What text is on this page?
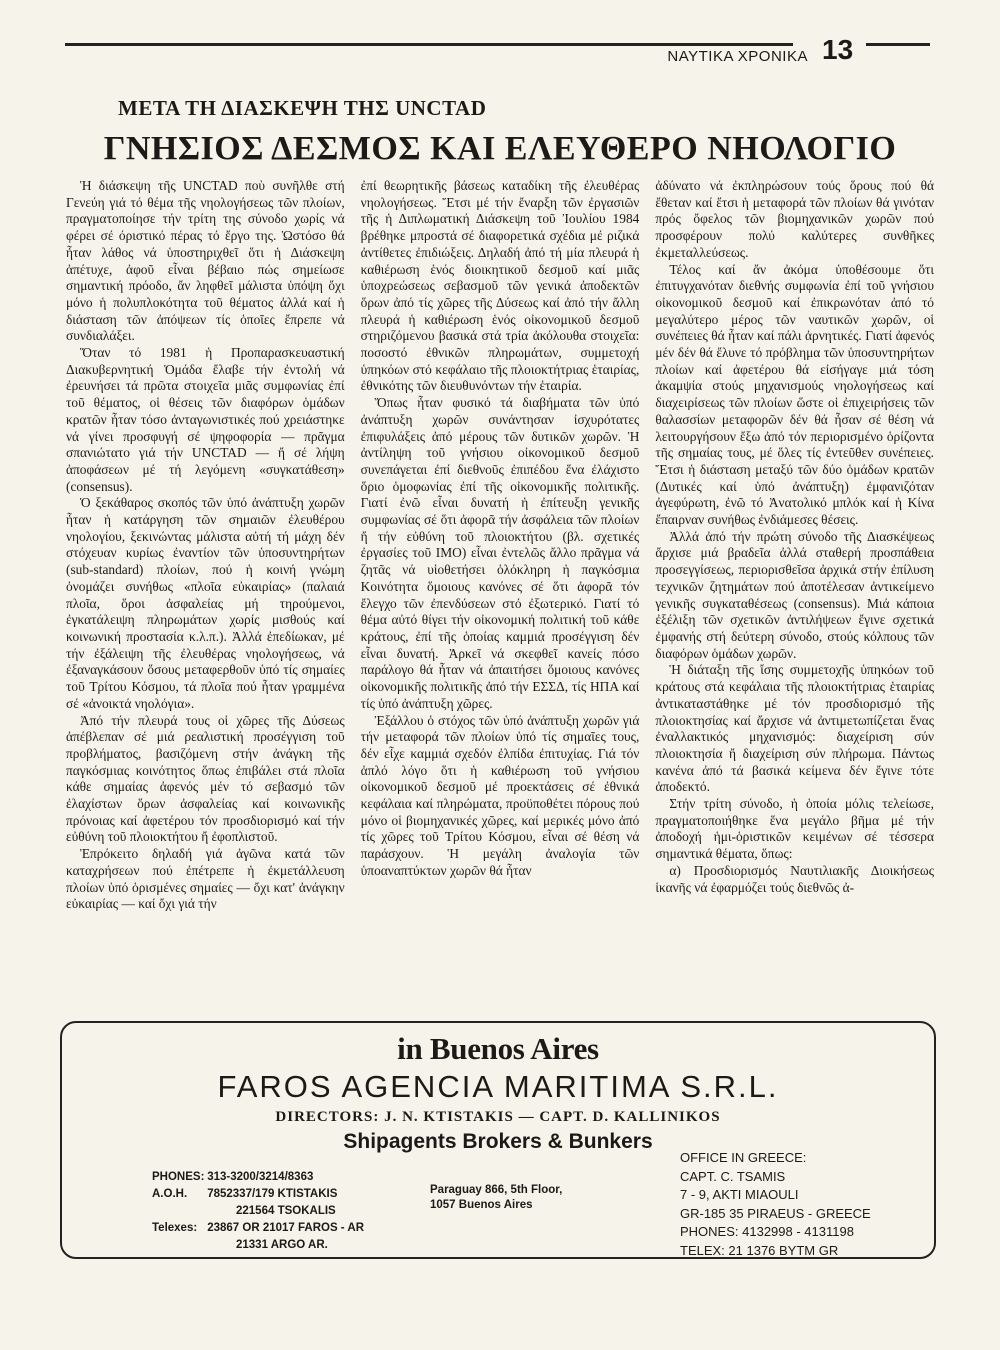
ΝΑΥΤΙΚΑ ΧΡΟΝΙΚΑ 13
ΜΕΤΑ ΤΗ ΔΙΑΣΚΕΨΗ ΤΗΣ UNCTAD
ΓΝΗΣΙΟΣ ΔΕΣΜΟΣ ΚΑΙ ΕΛΕΥΘΕΡΟ ΝΗΟΛΟΓΙΟ

Ἡ διάσκεψη τῆς UNCTAD ποὺ συνῆλθε στή Γενεύη γιά τό θέμα τῆς νηολογήσεως τῶν πλοίων, πραγματοποίησε τήν τρίτη της σύνοδο χωρίς νά φέρει σέ όριστικό πέρας τό ἔργο της. Ὡστόσο θά ἦταν λάθος νά ὑποστηριχθεῖ ὅτι ἡ Διάσκεψη ἀπέτυχε, ἀφοῦ εἶναι βέβαιο πώς σημείωσε σημαντική πρόοδο, ἄν ληφθεῖ μάλιστα ὑπόψη ὄχι μόνο ἡ πολυπλοκότητα τοῦ θέματος ἀλλά καί ἡ διάσταση τῶν ἀπόψεων τίς ὁποῖες ἔπρεπε νά συνδιαλάξει.

Ὅταν τό 1981 ἡ Προπαρασκευαστική Διακυβερνητική Ὁμάδα ἔλαβε τήν ἐντολή νά ἐρευνήσει τά πρῶτα στοιχεῖα μιᾶς συμφωνίας ἐπί τοῦ θέματος, οἱ θέσεις τῶν διαφόρων ὁμάδων κρατῶν ἦταν τόσο ἀνταγωνιστικές πού χρειάστηκε νά γίνει προσφυγή σέ ψηφοφορία — πρᾶγμα σπανιώτατο γιά τήν UNCTAD — ἤ σέ λήψη ἀποφάσεων μέ τή λεγόμενη «συγκατάθεση» (consensus).

Ὁ ξεκάθαρος σκοπός τῶν ὑπό ἀνάπτυξη χωρῶν ἦταν ἡ κατάργηση τῶν σημαιῶν ἐλευθέρου νηολογίου, ξεκινώντας μάλιστα αὐτή τή μάχη δέν στόχευαν κυρίως ἐναντίον τῶν ὑποσυντηρήτων (sub-standard) πλοίων, πού ἡ κοινή γνώμη ὀνομάζει συνήθως «πλοῖα εὐκαιρίας» (παλαιά πλοῖα, ὅροι ἀσφαλείας μή τηρούμενοι, ἐγκατάλειψη πληρωμάτων χωρίς μισθούς καί κοινωνική προστασία κ.λ.π.). Ἀλλά ἐπεδίωκαν, μέ τήν ἐξάλειψη τῆς ἐλευθέρας νηολογήσεως, νά ἐξαναγκάσουν ὅσους μεταφερθοῦν ὑπό τίς σημαίες τοῦ Τρίτου Κόσμου, τά πλοῖα πού ἦταν γραμμένα σέ «ἀνοικτά νηολόγια».

Ἀπό τήν πλευρά τους οἱ χῶρες τῆς Δύσεως ἀπέβλεπαν σέ μιά ρεαλιστική προσέγγιση τοῦ προβλήματος, βασιζόμενη στήν ἀνάγκη τῆς παγκόσμιας κοινότητος ὅπως ἐπιβάλει στά πλοῖα κάθε σημαίας ἀφενός μέν τό σεβασμό τῶν ἐλαχίστων ὅρων ἀσφαλείας καί κοινωνικῆς πρόνοιας καί ἀφετέρου τόν προσδιορισμό καί τήν εὐθύνη τοῦ πλοιοκτήτου ἤ ἐφοπλιστοῦ.

Ἐπρόκειτο δηλαδή γιά ἀγῶνα κατά τῶν καταχρήσεων πού ἐπέτρεπε ἡ ἐκμετάλλευση πλοίων ὑπό ὁρισμένες σημαίες — ὄχι κατ' ἀνάγκην εὐκαιρίας — καί ὄχι γιά τήν

ἐπί θεωρητικῆς βάσεως καταδίκη τῆς ἐλευθέρας νηολογήσεως. Ἔτσι μέ τήν ἔναρξη τῶν ἐργασιῶν τῆς ἡ Διπλωματική Διάσκεψη τοῦ Ἰουλίου 1984 βρέθηκε μπροστά σέ διαφορετικά σχέδια μέ ριζικά ἀντίθετες ἐπιδιώξεις. Δηλαδή ἀπό τή μία πλευρά ἡ καθιέρωση ἑνός διοικητικοῦ δεσμοῦ καί μιᾶς ὑποχρεώσεως σεβασμοῦ τῶν γενικά ἀποδεκτῶν ὅρων ἀπό τίς χῶρες τῆς Δύσεως καί ἀπό τήν ἄλλη πλευρά ἡ καθιέρωση ἑνός οἰκονομικοῦ δεσμοῦ στηριζόμενου βασικά στά τρία ἀκόλουθα στοιχεῖα: ποσοστό ἐθνικῶν πληρωμάτων, συμμετοχή ὑπηκόων στό κεφάλαιο τῆς πλοιοκτήτριας ἑταιρίας, ἐθνικότης τῶν διευθυνόντων τήν ἑταιρία.

Ὅπως ἦταν φυσικό τά διαβήματα τῶν ὑπό ἀνάπτυξη χωρῶν συνάντησαν ἰσχυρότατες ἐπιφυλάξεις ἀπό μέρους τῶν δυτικῶν χωρῶν. Ἡ ἀντίληψη τοῦ γνήσιου οἰκονομικοῦ δεσμοῦ συνεπάγεται ἐπί διεθνοῦς ἐπιπέδου ἕνα ἐλάχιστο ὅριο ὁμοφωνίας ἐπί τῆς οἰκονομικῆς πολιτικῆς. Γιατί ἐνῶ εἶναι δυνατή ἡ ἐπίτευξη γενικῆς συμφωνίας σέ ὅτι ἀφορᾶ τήν ἀσφάλεια τῶν πλοίων ἤ τήν εὐθύνη τοῦ πλοιοκτήτου (βλ. σχετικές ἐργασίες τοῦ ΙΜΟ) εἶναι ἐντελῶς ἄλλο πρᾶγμα νά ζητᾶς νά υἱοθετήσει ὁλόκληρη ἡ παγκόσμια Κοινότητα ὅμοιους κανόνες σέ ὅτι ἀφορᾶ τόν ἔλεγχο τῶν ἐπενδύσεων στό ἐξωτερικό. Γιατί τό θέμα αὐτό θίγει τήν οἰκονομική πολιτική τοῦ κάθε κράτους, ἐπί τῆς ὁποίας καμμιά προσέγγιση δέν εἶναι δυνατή. Ἀρκεῖ νά σκεφθεῖ κανείς πόσο παράλογο θά ἦταν νά ἀπαιτήσει ὅμοιους κανόνες οἰκονομικῆς πολιτικῆς ἀπό τήν ΕΣΣΔ, τίς ΗΠΑ καί τίς ὑπό ἀνάπτυξη χῶρες.

Ἐξάλλου ὁ στόχος τῶν ὑπό ἀνάπτυξη χωρῶν γιά τήν μεταφορά τῶν πλοίων ὑπό τίς σημαῖες τους, δέν εἶχε καμμιά σχεδόν ἐλπίδα ἐπιτυχίας. Γιά τόν ἁπλό λόγο ὅτι ἡ καθιέρωση τοῦ γνήσιου οἰκονομικοῦ δεσμοῦ μέ προεκτάσεις σέ ἐθνικά κεφάλαια καί πληρώματα, προϋποθέτει πόρους πού μόνο οἱ βιομηχανικές χῶρες, καί μερικές μόνο ἀπό τίς χῶρες τοῦ Τρίτου Κόσμου, εἶναι σέ θέση νά παράσχουν. Ἡ μεγάλη ἀναλογία τῶν ὑποαναπτύκτων χωρῶν θά ἦταν

ἀδύνατο νά ἐκπληρώσουν τούς ὅρους πού θά ἔθεταν καί ἔτσι ἡ μεταφορά τῶν πλοίων θά γινόταν πρός ὄφελος τῶν βιομηχανικῶν χωρῶν πού προσφέρουν πολύ καλύτερες συνθῆκες ἐκμεταλλεύσεως.

Τέλος καί ἄν ἀκόμα ὑποθέσουμε ὅτι ἐπιτυγχανόταν διεθνής συμφωνία ἐπί τοῦ γνήσιου οἰκονομικοῦ δεσμοῦ καί ἐπικρωνόταν ἀπό τό μεγαλύτερο μέρος τῶν ναυτικῶν χωρῶν, οἱ συνέπειες θά ἦταν καί πάλι ἀρνητικές. Γιατί ἀφενός μέν δέν θά ἔλυνε τό πρόβλημα τῶν ὑποσυντηρήτων πλοίων καί ἀφετέρου θά εἰσήγαγε μιά τόση ἀκαμψία στούς μηχανισμούς νηολογήσεως καί διαχειρίσεως τῶν πλοίων ὥστε οἱ ἐπιχειρήσεις τῶν θαλασσίων μεταφορῶν δέν θά ἦσαν σέ θέση νά λειτουργήσουν ἔξω ἀπό τόν περιορισμένο ὁρίζοντα τῆς σημαίας τους, μέ ὅλες τίς ἐντεῦθεν συνέπειες. Ἔτσι ἡ διάσταση μεταξύ τῶν δύο ὁμάδων κρατῶν (Δυτικές καί ὑπό ἀνάπτυξη) ἐμφανιζόταν ἀγεφύρωτη, ἐνῶ τό Ἀνατολικό μπλόκ καί ἡ Κίνα ἔπαιρναν συνήθως ἐνδιάμεσες θέσεις.

Ἀλλά ἀπό τήν πρώτη σύνοδο τῆς Διασκέψεως ἄρχισε μιά βραδεῖα ἀλλά σταθερή προσπάθεια προσεγγίσεως, περιορισθεῖσα ἀρχικά στήν ἐπίλυση τεχνικῶν ζητημάτων πού ἀποτέλεσαν ἀντικείμενο γενικῆς συγκαταθέσεως (consensus). Μιά κάποια ἐξέλιξη τῶν σχετικῶν ἀντιλήψεων ἔγινε σχετικά ἐμφανής στή δεύτερη σύνοδο, στούς κόλπους τῶν διαφόρων ὁμάδων χωρῶν.

Ἡ διάταξη τῆς ἴσης συμμετοχῆς ὑπηκόων τοῦ κράτους στά κεφάλαια τῆς πλοιοκτήτριας ἑταιρίας ἀντικαταστάθηκε μέ τόν προσδιορισμό τῆς πλοιοκτησίας καί ἄρχισε νά ἀντιμετωπίζεται ἕνας ἐναλλακτικός μηχανισμός: διαχείριση σύν πλοιοκτησία ἤ διαχείριση σύν πλήρωμα. Πάντως κανένα ἀπό τά βασικά κείμενα δέν ἔγινε τότε ἀποδεκτό.

Στήν τρίτη σύνοδο, ἡ ὁποία μόλις τελείωσε, πραγματοποιήθηκε ἕνα μεγάλο βῆμα μέ τήν ἀποδοχή ἡμι-ὁριστικῶν κειμένων σέ τέσσερα σημαντικά θέματα, ὅπως:

α) Προσδιορισμός Ναυτιλιακῆς Διοικήσεως ἱκανῆς νά ἐφαρμόζει τούς διεθνῶς ἀ-

in Buenos Aires
FAROS AGENCIA MARITIMA S.R.L.
DIRECTORS: J. N. KTISTAKIS — CAPT. D. KALLINIKOS
Shipagents Brokers & Bunkers
PHONES: 313-3200/3214/8363
A.O.H. 7852337/179 KTISTAKIS
221564 TSOKALIS
Telexes: 23867 OR 21017 FAROS - AR
21331 ARGO AR.
Paraguay 866, 5th Floor,
1057 Buenos Aires
OFFICE IN GREECE:
CAPT. C. TSAMIS
7 - 9, AKTI MIAOULI
GR-185 35 PIRAEUS - GREECE
PHONES: 4132998 - 4131198
TELEX: 21 1376 ΒΥΤΜ GR
